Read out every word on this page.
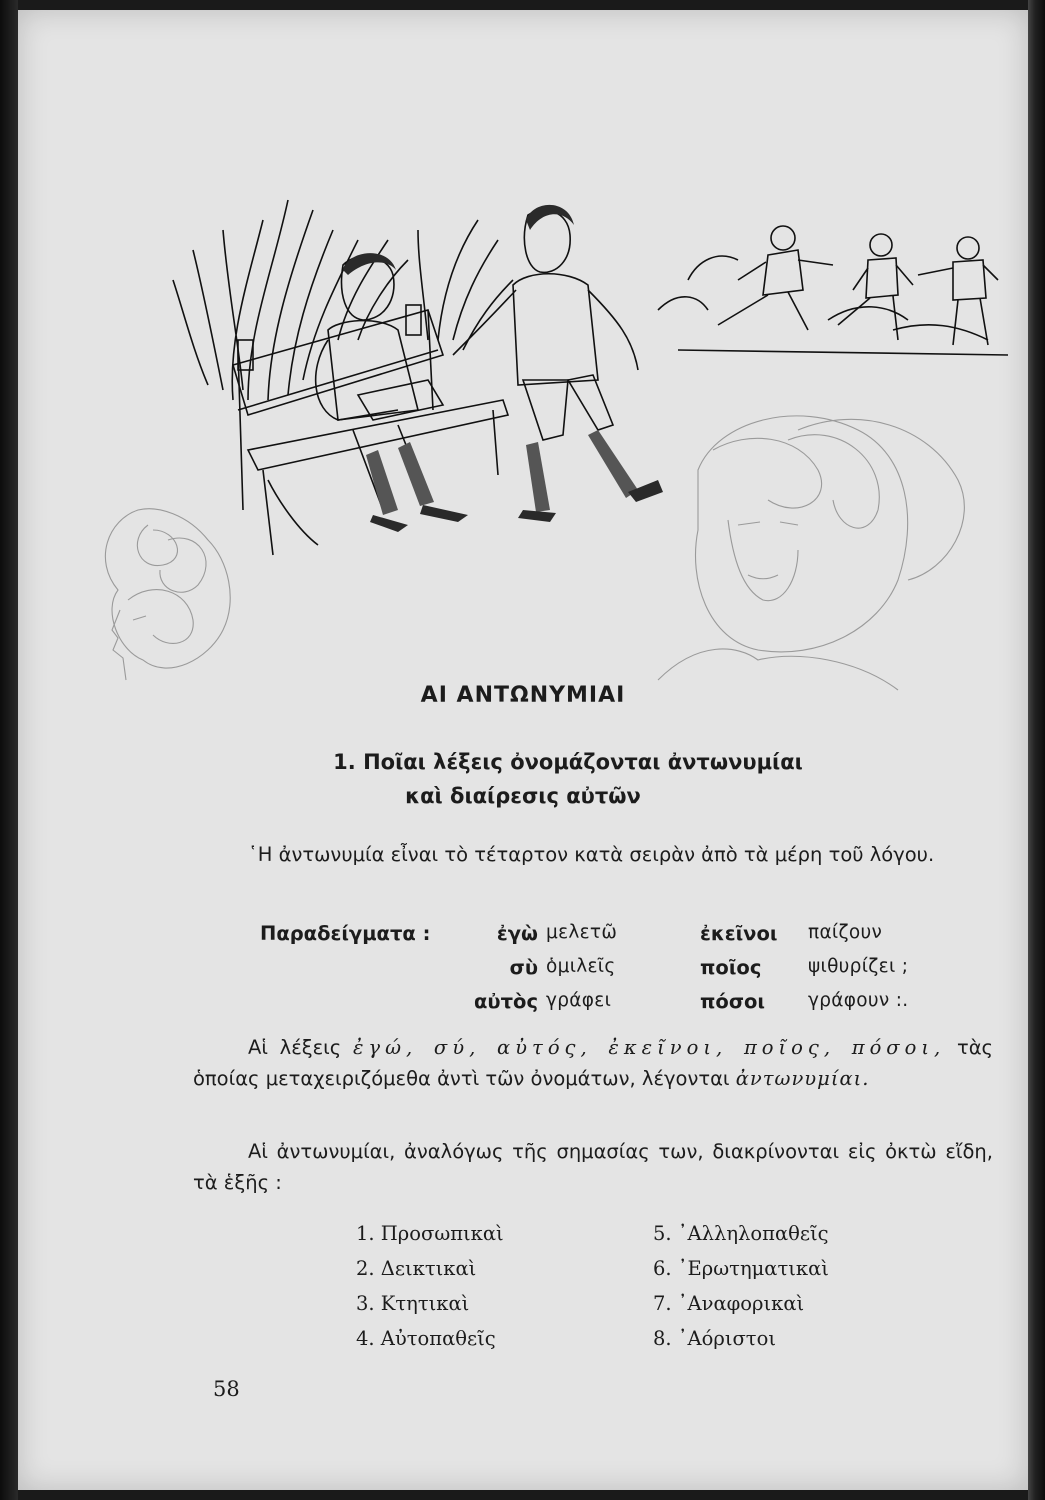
ΑΙ ΑΝΤΩΝΥΜΙΑΙ
1. Ποῖαι λέξεις ὀνομάζονται ἀντωνυμίαι
καὶ διαίρεσις αὐτῶν
῾Η ἀντωνυμία εἶναι τὸ τέταρτον κατὰ σειρὰν ἀπὸ τὰ μέρη τοῦ λόγου.
Παραδείγματα :	ἐγὼ
σὺ
αὐτὸς
μελετῶ
ὁμιλεῖς
γράφει
ἐκεῖνοι
ποῖος
πόσοι
παίζουν
ψιθυρίζει ;
γράφουν :.
Αἱ λέξεις ἐγώ, σύ, αὐτός, ἐκεῖνοι, ποῖος, πόσοι, τὰς ὁποίας μεταχειριζόμεθα ἀντὶ τῶν ὀνομάτων, λέγονται ἀντωνυμίαι.
Αἱ ἀντωνυμίαι, ἀναλόγως τῆς σημασίας των, διακρίνονται εἰς ὀκτὼ εἴδη, τὰ ἑξῆς :
1. Προσωπικαὶ
2. Δεικτικαὶ
3. Κτητικαὶ
4. Αὐτοπαθεῖς
5. ᾿Αλληλοπαθεῖς
6. ᾿Ερωτηματικαὶ
7. ᾿Αναφορικαὶ
8. ᾿Αόριστοι
58
